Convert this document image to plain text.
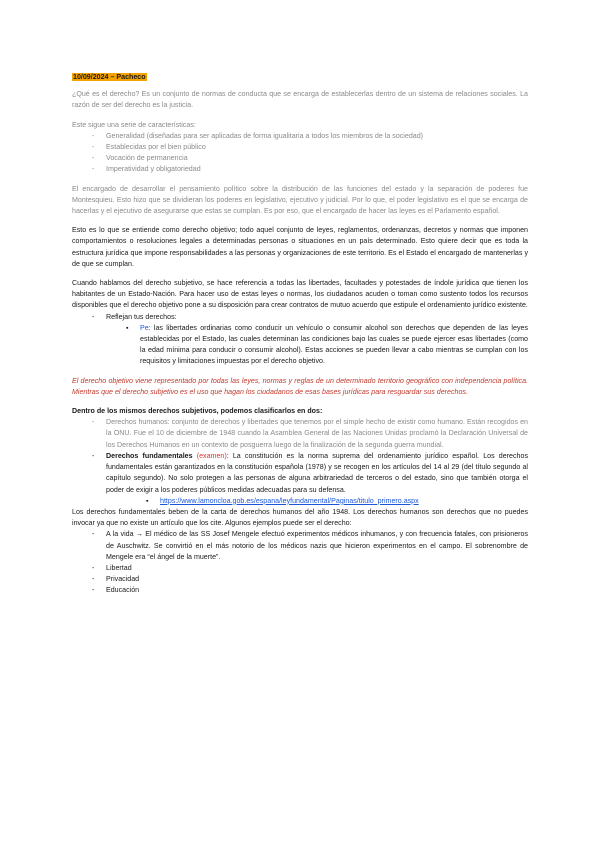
10/09/2024 – Pacheco

¿Qué es el derecho? Es un conjunto de normas de conducta que se encarga de establecerlas dentro de un sistema de relaciones sociales. La razón de ser del derecho es la justicia.

Este sigue una serie de características:

- Generalidad (diseñadas para ser aplicadas de forma igualitaria a todos los miembros de la sociedad)
- Establecidas por el bien público
- Vocación de permanencia
- Imperatividad y obligatoriedad

El encargado de desarrollar el pensamiento político sobre la distribución de las funciones del estado y la separación de poderes fue Montesquieu. Esto hizo que se dividieran los poderes en legislativo, ejecutivo y judicial. Por lo que, el poder legislativo es el que se encarga de hacerlas y el ejecutivo de asegurarse que estas se cumplan. Es por eso, que el encargado de hacer las leyes es el Parlamento español.

Esto es lo que se entiende como derecho objetivo; todo aquel conjunto de leyes, reglamentos, ordenanzas, decretos y normas que imponen comportamientos o resoluciones legales a determinadas personas o situaciones en un país determinado. Esto quiere decir que es toda la estructura jurídica que impone responsabilidades a las personas y organizaciones de este territorio. Es el Estado el encargado de mantenerlas y de que se cumplan.

Cuando hablamos del derecho subjetivo, se hace referencia a todas las libertades, facultades y potestades de índole jurídica que tienen los habitantes de un Estado-Nación. Para hacer uso de estas leyes o normas, los ciudadanos acuden o toman como sustento todos los recursos disponibles que el derecho objetivo pone a su disposición para crear contratos de mutuo acuerdo que estipule el ordenamiento jurídico existente.

- Reflejan tus derechos:
▪ Pe: las libertades ordinarias como conducir un vehículo o consumir alcohol son derechos que dependen de las leyes establecidas por el Estado, las cuales determinan las condiciones bajo las cuales se puede ejercer esas libertades (como la edad mínima para conducir o consumir alcohol). Estas acciones se pueden llevar a cabo mientras se cumplan con los requisitos y limitaciones impuestas por el derecho objetivo.

El derecho objetivo viene representado por todas las leyes, normas y reglas de un determinado territorio geográfico con independencia política. Mientras que el derecho subjetivo es el uso que hagan los ciudadanos de esas bases jurídicas para resguardar sus derechos.

Dentro de los mismos derechos subjetivos, podemos clasificarlos en dos:

- Derechos humanos: conjunto de derechos y libertades que tenemos por el simple hecho de existir como humano. Están recogidos en la ONU. Fue el 10 de diciembre de 1948 cuando la Asamblea General de las Naciones Unidas proclamó la Declaración Universal de los Derechos Humanos en un contexto de posguerra luego de la finalización de la segunda guerra mundial.
- Derechos fundamentales (examen): La constitución es la norma suprema del ordenamiento jurídico español. Los derechos fundamentales están garantizados en la constitución española (1978) y se recogen en los artículos del 14 al 29 (del título segundo al capítulo segundo). No solo protegen a las personas de alguna arbitrariedad de terceros o del estado, sino que también otorga el poder de exigir a los poderes públicos medidas adecuadas para su defensa.
▪ https://www.lamoncloa.gob.es/espana/leyfundamental/Paginas/titulo_primero.aspx

Los derechos fundamentales beben de la carta de derechos humanos del año 1948. Los derechos humanos son derechos que no puedes invocar ya que no existe un artículo que los cite. Algunos ejemplos puede ser el derecho:

- A la vida → El médico de las SS Josef Mengele efectuó experimentos médicos inhumanos, y con frecuencia fatales, con prisioneros de Auschwitz. Se convirtió en el más notorio de los médicos nazis que hicieron experimentos en el campo. El sobrenombre de Mengele era “el ángel de la muerte”.
- Libertad
- Privacidad
- Educación
